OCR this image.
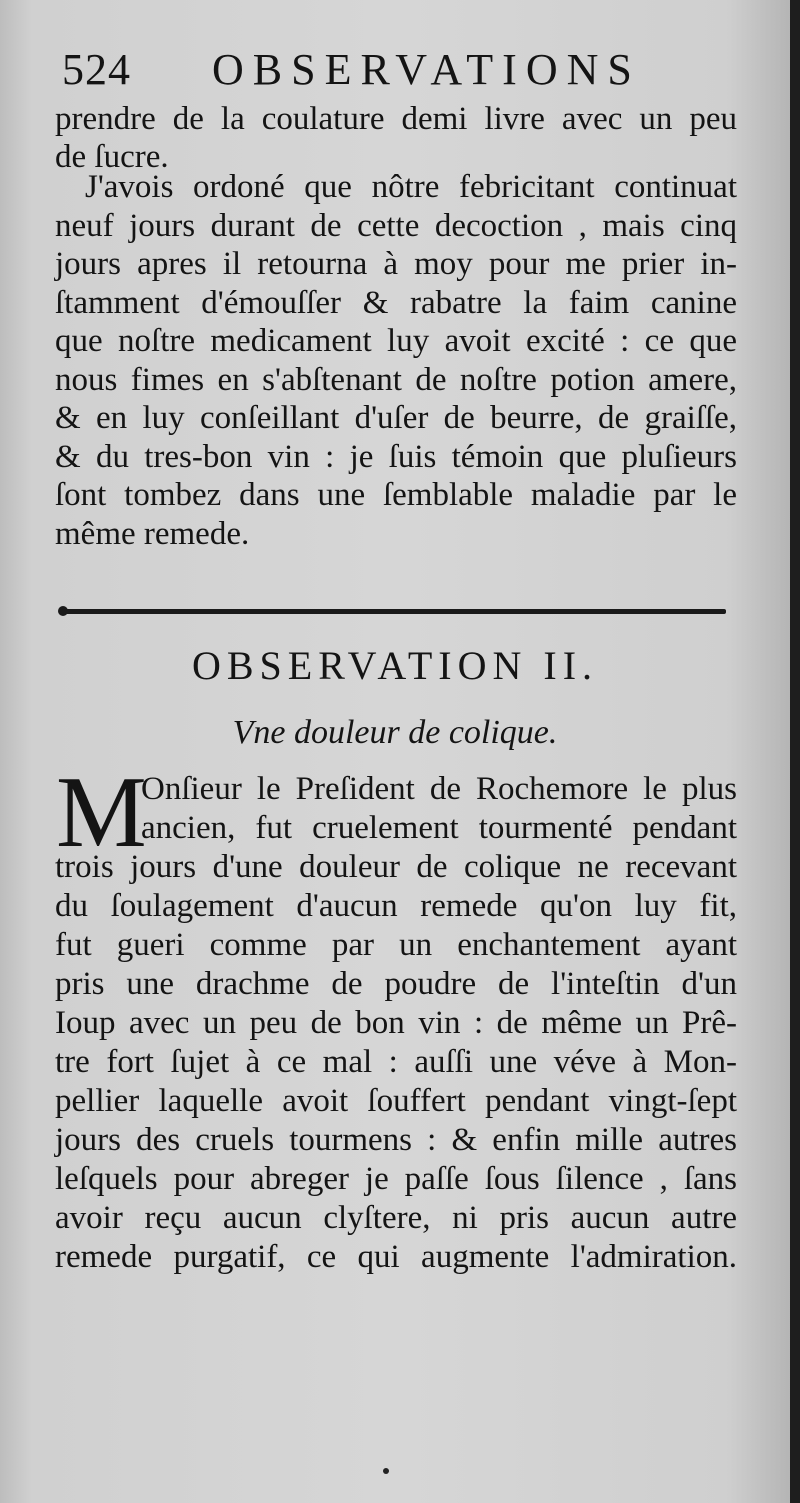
524 OBSERVATIONS
prendre de la coulature demi livre avec un peu
de ſucre.
J'avois ordoné que nôtre febricitant continuat
neuf jours durant de cette decoction , mais cinq
jours apres il retourna à moy pour me prier in-
ſtamment d'émouſſer & rabatre la faim canine
que noſtre medicament luy avoit excité : ce que
nous fimes en s'abſtenant de noſtre potion amere,
& en luy conſeillant d'uſer de beurre, de graiſſe,
& du tres-bon vin : je ſuis témoin que pluſieurs
ſont tombez dans une ſemblable maladie par le
même remede.
OBSERVATION II.
Vne douleur de colique.
M
Onſieur le Preſident de Rochemore le plus
ancien, fut cruelement tourmenté pendant
trois jours d'une douleur de colique ne recevant
du ſoulagement d'aucun remede qu'on luy fit,
fut gueri comme par un enchantement ayant
pris une drachme de poudre de l'inteſtin d'un
Ioup avec un peu de bon vin : de même un Prê-
tre fort ſujet à ce mal : auſſi une véve à Mon-
pellier laquelle avoit ſouffert pendant vingt-ſept
jours des cruels tourmens : & enfin mille autres
leſquels pour abreger je paſſe ſous ſilence , ſans
avoir reçu aucun clyſtere, ni pris aucun autre
remede purgatif, ce qui augmente l'admiration.
